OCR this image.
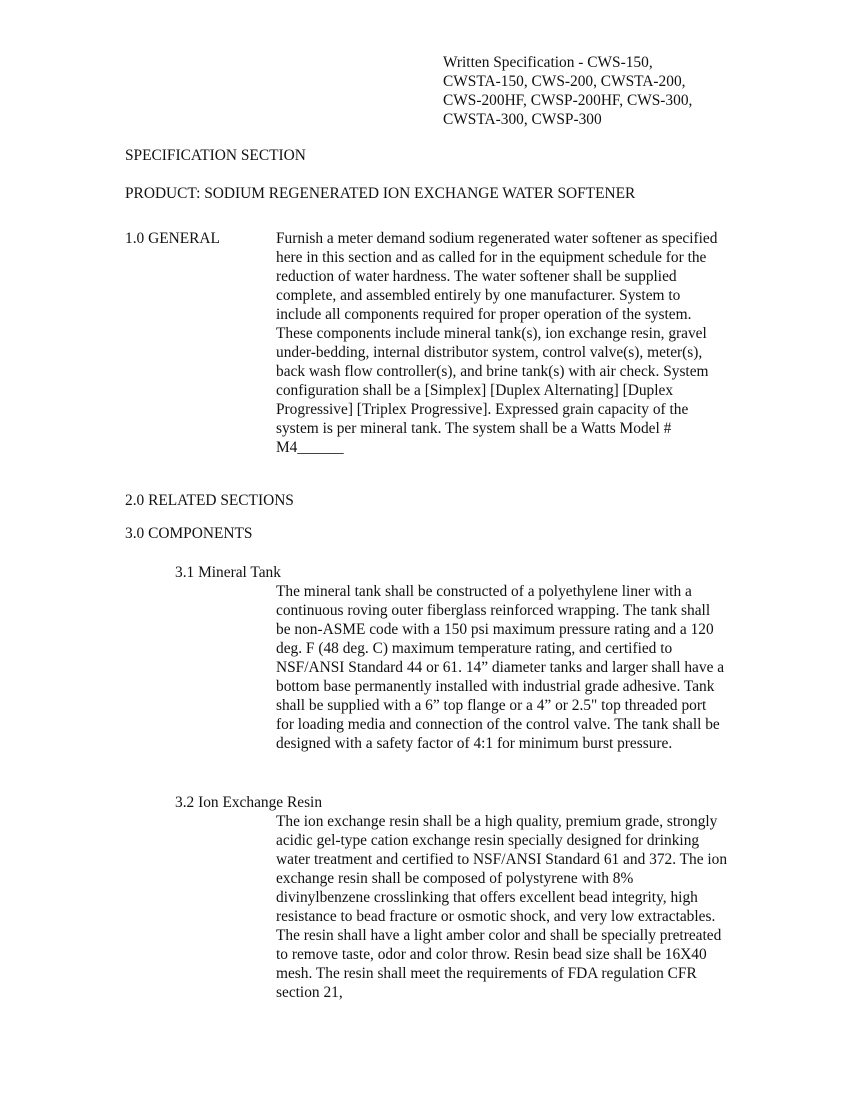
Written Specification - CWS-150,
CWSTA-150, CWS-200, CWSTA-200,
CWS-200HF, CWSP-200HF, CWS-300,
CWSTA-300, CWSP-300
SPECIFICATION SECTION
PRODUCT: SODIUM REGENERATED ION EXCHANGE WATER SOFTENER
1.0 GENERAL	Furnish a meter demand sodium regenerated water softener as specified here in this section and as called for in the equipment schedule for the reduction of water hardness. The water softener shall be supplied complete, and assembled entirely by one manufacturer. System to include all components required for proper operation of the system. These components include mineral tank(s), ion exchange resin, gravel under-bedding, internal distributor system, control valve(s), meter(s), back wash flow controller(s), and brine tank(s) with air check. System configuration shall be a [Simplex] [Duplex Alternating] [Duplex Progressive] [Triplex Progressive]. Expressed grain capacity of the system is per mineral tank. The system shall be a Watts Model # M4______

2.0 RELATED SECTIONS
3.0 COMPONENTS
3.1 Mineral Tank

The mineral tank shall be constructed of a polyethylene liner with a continuous roving outer fiberglass reinforced wrapping. The tank shall be non-ASME code with a 150 psi maximum pressure rating and a 120 deg. F (48 deg. C) maximum temperature rating, and certified to NSF/ANSI Standard 44 or 61. 14” diameter tanks and larger shall have a bottom base permanently installed with industrial grade adhesive. Tank shall be supplied with a 6” top flange or a 4” or 2.5" top threaded port for loading media and connection of the control valve. The tank shall be designed with a safety factor of 4:1 for minimum burst pressure.

3.2 Ion Exchange Resin

The ion exchange resin shall be a high quality, premium grade, strongly acidic gel-type cation exchange resin specially designed for drinking water treatment and certified to NSF/ANSI Standard 61 and 372. The ion exchange resin shall be composed of polystyrene with 8% divinylbenzene crosslinking that offers excellent bead integrity, high resistance to bead fracture or osmotic shock, and very low extractables. The resin shall have a light amber color and shall be specially pretreated to remove taste, odor and color throw. Resin bead size shall be 16X40 mesh. The resin shall meet the requirements of FDA regulation CFR section 21,
